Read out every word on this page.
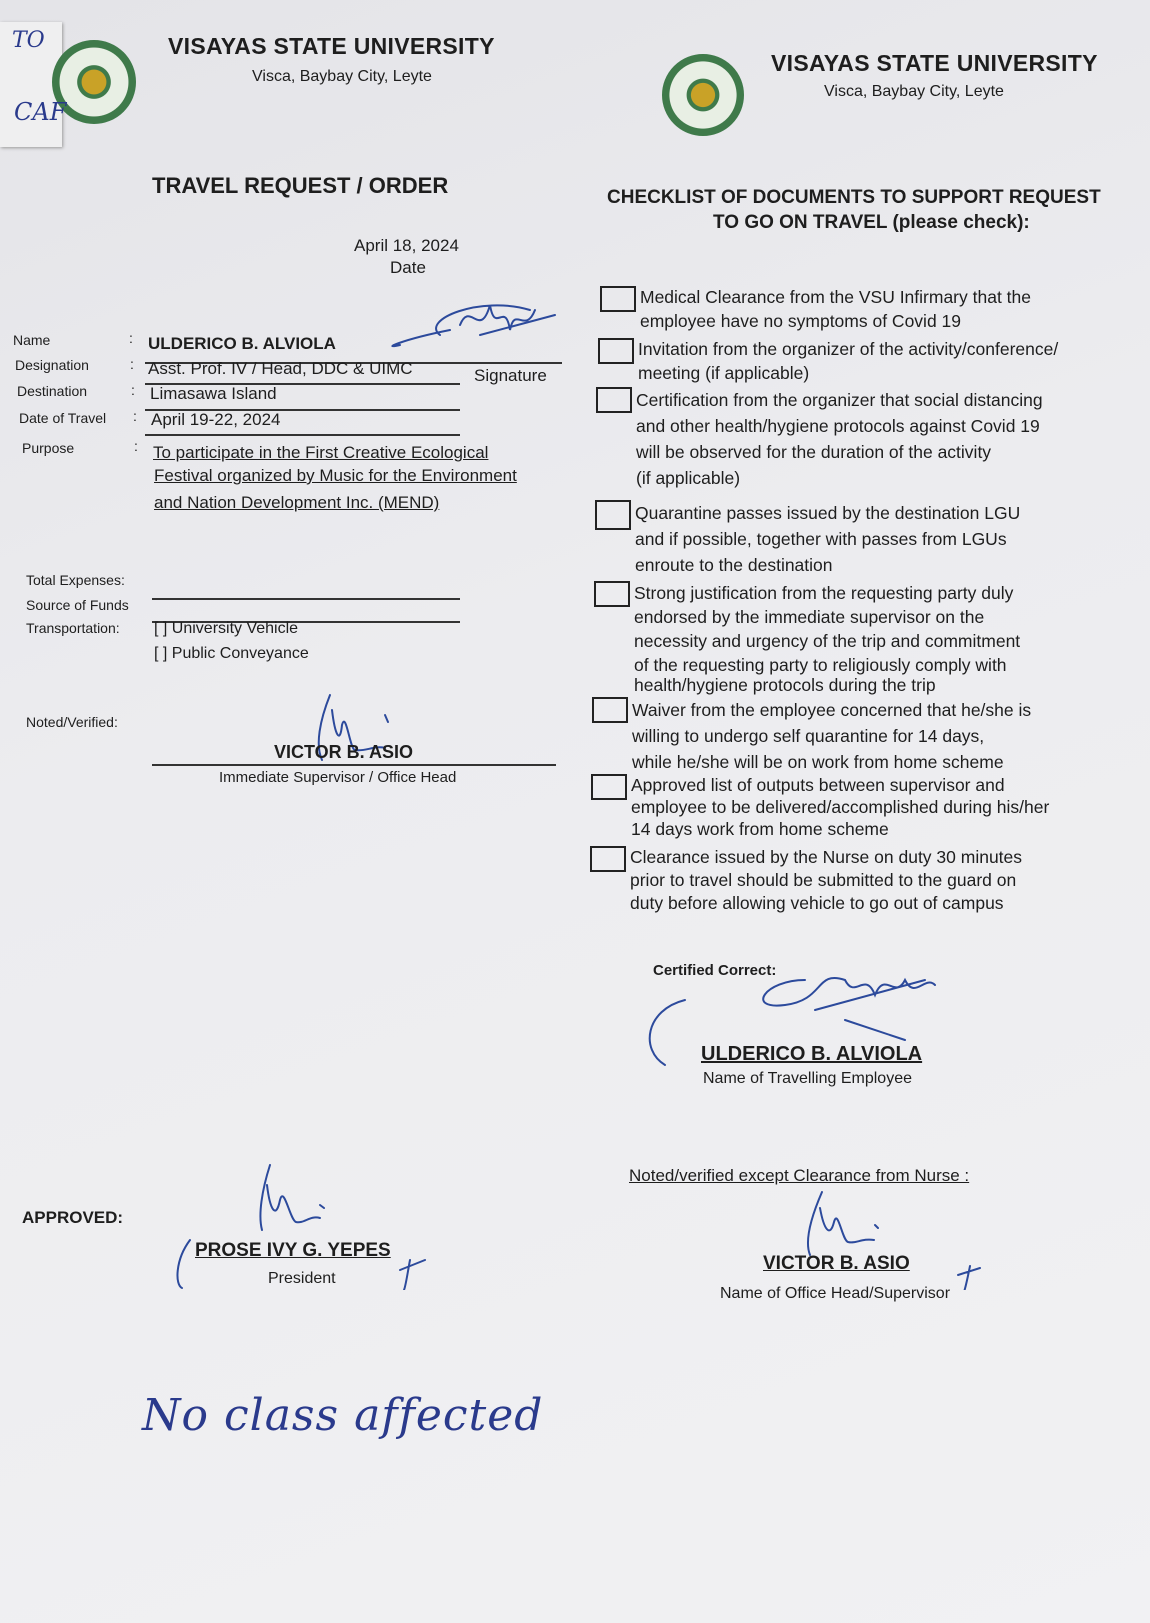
TO
CAF
VISAYAS STATE UNIVERSITY
Visca, Baybay City, Leyte
VISAYAS STATE UNIVERSITY
Visca, Baybay City, Leyte
TRAVEL REQUEST / ORDER
April 18, 2024
Date
Name	: ULDERICO B. ALVIOLA
Designation	: Asst. Prof. IV / Head, DDC & UIMC	Signature
Destination	: Limasawa Island
Date of Travel : April 19-22, 2024
Purpose	: To participate in the First Creative Ecological
Festival organized by Music for the Environment
and Nation Development Inc. (MEND)
Total Expenses:
Source of Funds
Transportation: [ ] University Vehicle
[ ] Public Conveyance
Noted/Verified:
VICTOR B. ASIO
Immediate Supervisor / Office Head
CHECKLIST OF DOCUMENTS TO SUPPORT REQUEST
TO GO ON TRAVEL (please check):
Medical Clearance from the VSU Infirmary that the
employee have no symptoms of Covid 19
Invitation from the organizer of the activity/conference/
meeting (if applicable)
Certification from the organizer that social distancing
and other health/hygiene protocols against Covid 19
will be observed for the duration of the activity
(if applicable)
Quarantine passes issued by the destination LGU
and if possible, together with passes from LGUs
enroute to the destination
Strong justification from the requesting party duly
endorsed by the immediate supervisor on the
necessity and urgency of the trip and commitment
of the requesting party to religiously comply with
health/hygiene protocols during the trip
Waiver from the employee concerned that he/she is
willing to undergo self quarantine for 14 days,
while he/she will be on work from home scheme
Approved list of outputs between supervisor and
employee to be delivered/accomplished during his/her
14 days work from home scheme
Clearance issued by the Nurse on duty 30 minutes
prior to travel should be submitted to the guard on
duty before allowing vehicle to go out of campus
Certified Correct:
ULDERICO B. ALVIOLA
Name of Travelling Employee
APPROVED:
PROSE IVY G. YEPES
President
Noted/verified except Clearance from Nurse :
VICTOR B. ASIO
Name of Office Head/Supervisor
No class affected
